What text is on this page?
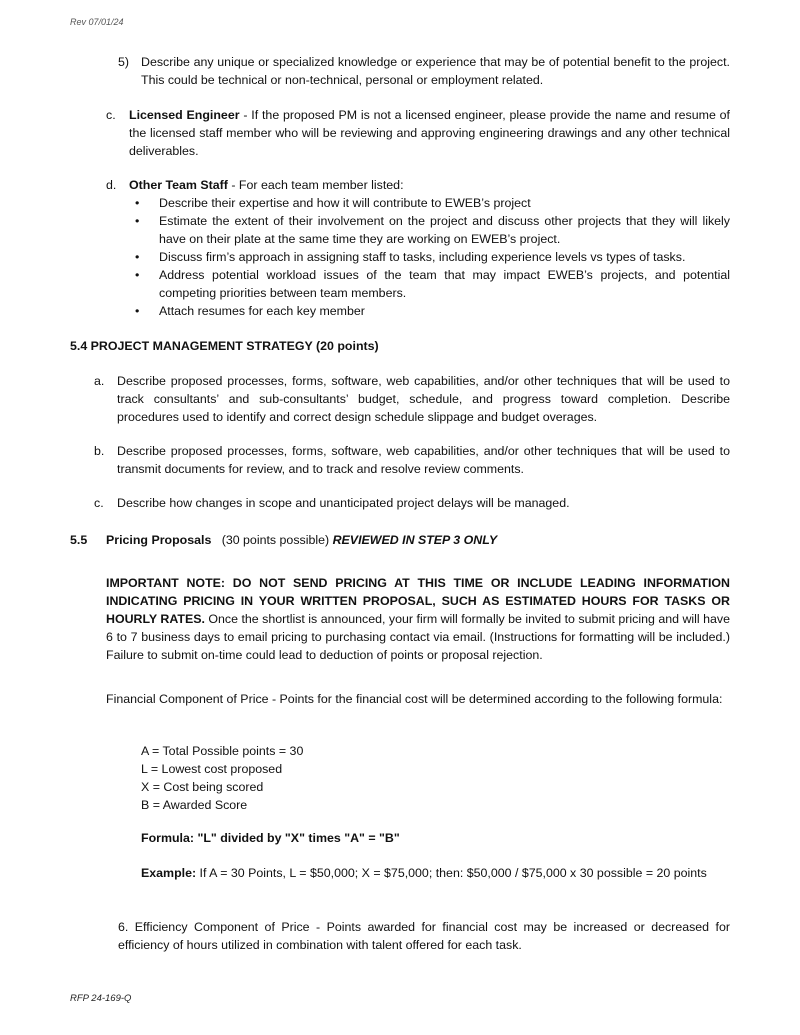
Rev 07/01/24
5) Describe any unique or specialized knowledge or experience that may be of potential benefit to the project. This could be technical or non-technical, personal or employment related.
c. Licensed Engineer - If the proposed PM is not a licensed engineer, please provide the name and resume of the licensed staff member who will be reviewing and approving engineering drawings and any other technical deliverables.
d. Other Team Staff - For each team member listed:
• Describe their expertise and how it will contribute to EWEB’s project
• Estimate the extent of their involvement on the project and discuss other projects that they will likely have on their plate at the same time they are working on EWEB’s project.
• Discuss firm’s approach in assigning staff to tasks, including experience levels vs types of tasks.
• Address potential workload issues of the team that may impact EWEB’s projects, and potential competing priorities between team members.
• Attach resumes for each key member
5.4 PROJECT MANAGEMENT STRATEGY (20 points)
a. Describe proposed processes, forms, software, web capabilities, and/or other techniques that will be used to track consultants’ and sub-consultants’ budget, schedule, and progress toward completion. Describe procedures used to identify and correct design schedule slippage and budget overages.
b. Describe proposed processes, forms, software, web capabilities, and/or other techniques that will be used to transmit documents for review, and to track and resolve review comments.
c. Describe how changes in scope and unanticipated project delays will be managed.
5.5 Pricing Proposals (30 points possible) REVIEWED IN STEP 3 ONLY
IMPORTANT NOTE: DO NOT SEND PRICING AT THIS TIME OR INCLUDE LEADING INFORMATION INDICATING PRICING IN YOUR WRITTEN PROPOSAL, SUCH AS ESTIMATED HOURS FOR TASKS OR HOURLY RATES. Once the shortlist is announced, your firm will formally be invited to submit pricing and will have 6 to 7 business days to email pricing to purchasing contact via email. (Instructions for formatting will be included.) Failure to submit on-time could lead to deduction of points or proposal rejection.
Financial Component of Price - Points for the financial cost will be determined according to the following formula:
A = Total Possible points = 30
L = Lowest cost proposed
X = Cost being scored
B = Awarded Score
Formula: "L" divided by "X" times "A" = "B"
Example: If A = 30 Points, L = $50,000; X = $75,000; then: $50,000 / $75,000 x 30 possible = 20 points
6. Efficiency Component of Price - Points awarded for financial cost may be increased or decreased for efficiency of hours utilized in combination with talent offered for each task.
RFP 24-169-Q
